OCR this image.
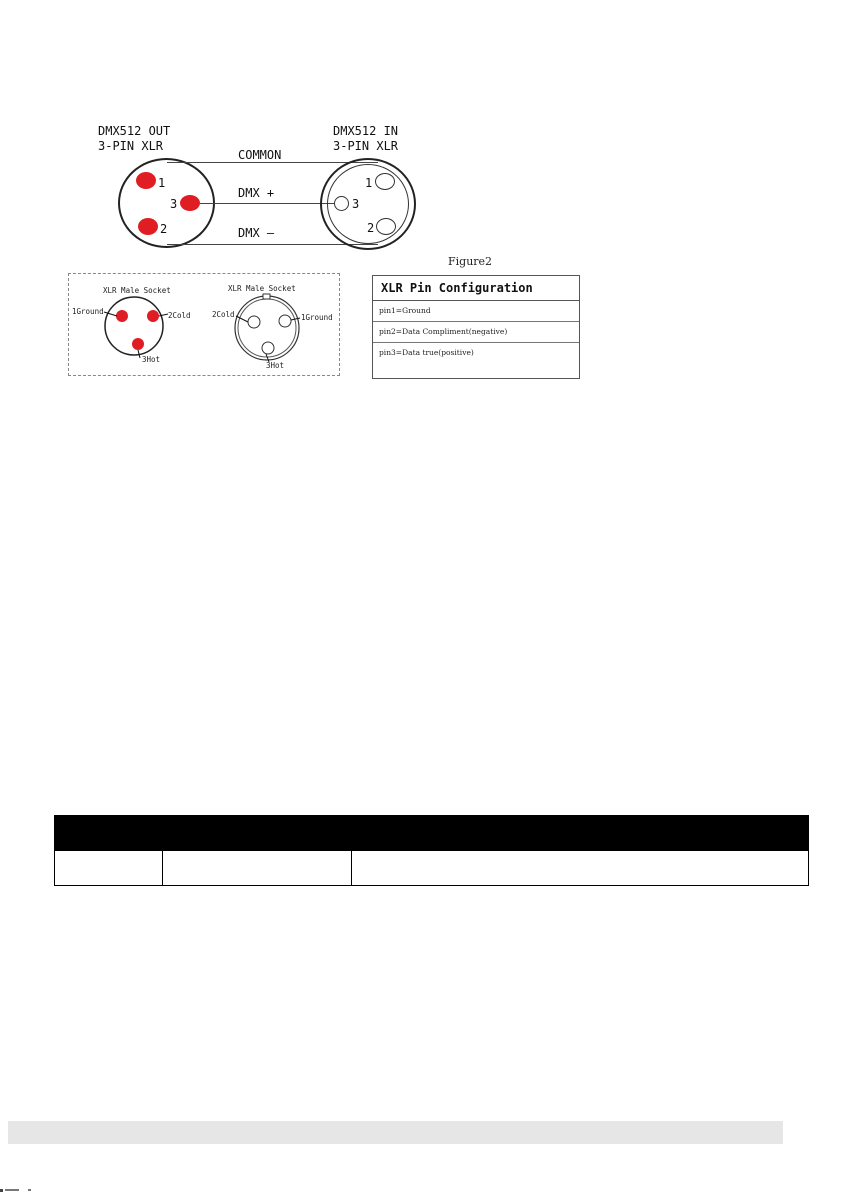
DMX512 OUT
3-PIN XLR
DMX512 IN
3-PIN XLR
1
2
3
COMMON
DMX +
DMX –
1
2
3
XLR Male Socket
1Ground	2Cold
3Hot
XLR Male Socket
2Cold	1Ground
3Hot
Figure2
XLR Pin Configuration
pin1=Ground
pin2=Data Compliment(negative)
pin3=Data true(positive)
